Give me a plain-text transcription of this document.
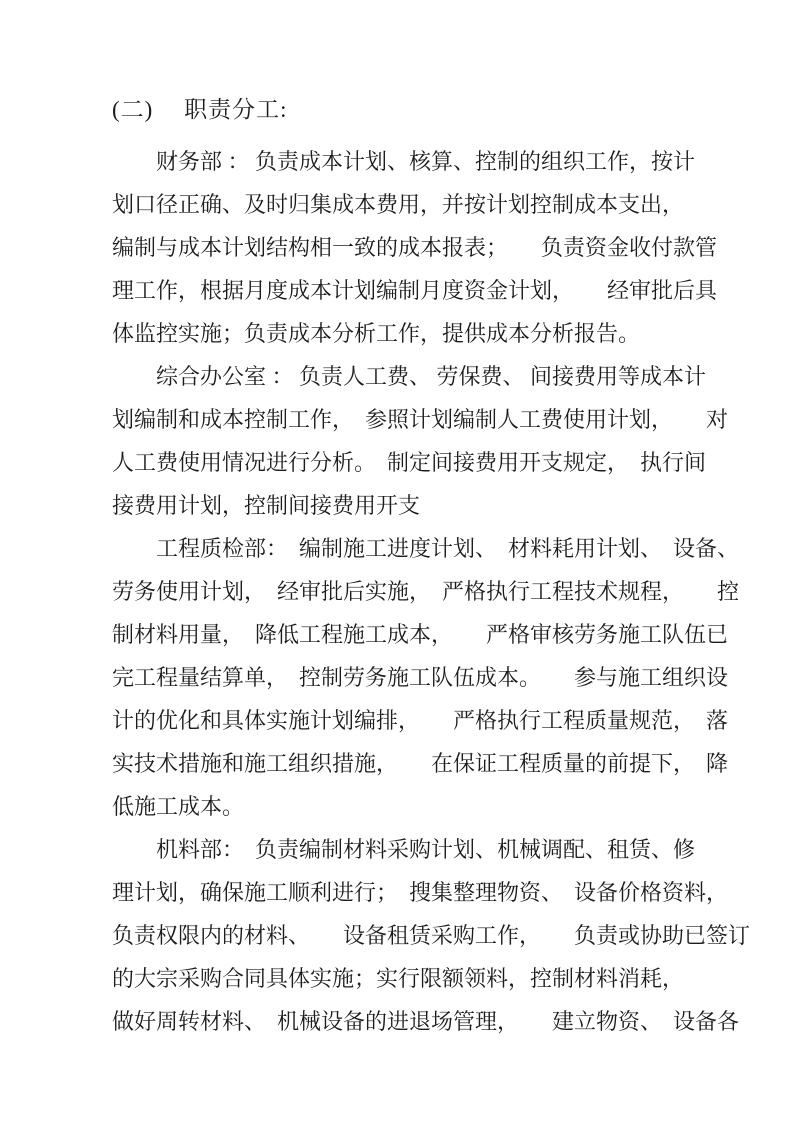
(二)　 职责分工:
　　财务部 ： 负责成本计划、核算、控制的组织工作，按计
划口径正确、及时归集成本费用，并按计划控制成本支出，
编制与成本计划结构相一致的成本报表；　　负责资金收付款管
理工作，根据月度成本计划编制月度资金计划，　　经审批后具
体监控实施；负责成本分析工作，提供成本分析报告。
　　综合办公室 ： 负责人工费、 劳保费、 间接费用等成本计
划编制和成本控制工作，　参照计划编制人工费使用计划，　　对
人工费使用情况进行分析。　制定间接费用开支规定，　执行间
接费用计划，控制间接费用开支
　　工程质检部：　编制施工进度计划、　材料耗用计划、　设备、
劳务使用计划，　经审批后实施，　严格执行工程技术规程，　　控
制材料用量，　降低工程施工成本，　　严格审核劳务施工队伍已
完工程量结算单，　控制劳务施工队伍成本。　　参与施工组织设
计的优化和具体实施计划编排，　　严格执行工程质量规范，　落
实技术措施和施工组织措施，　　在保证工程质量的前提下，　降
低施工成本。
　　机料部：　负责编制材料采购计划、机械调配、租赁、修
理计划，确保施工顺利进行；　搜集整理物资、　设备价格资料，
负责权限内的材料、　　设备租赁采购工作，　　负责或协助已签订
的大宗采购合同具体实施；实行限额领料，控制材料消耗，
做好周转材料、　机械设备的进退场管理，　　建立物资、　设备各
